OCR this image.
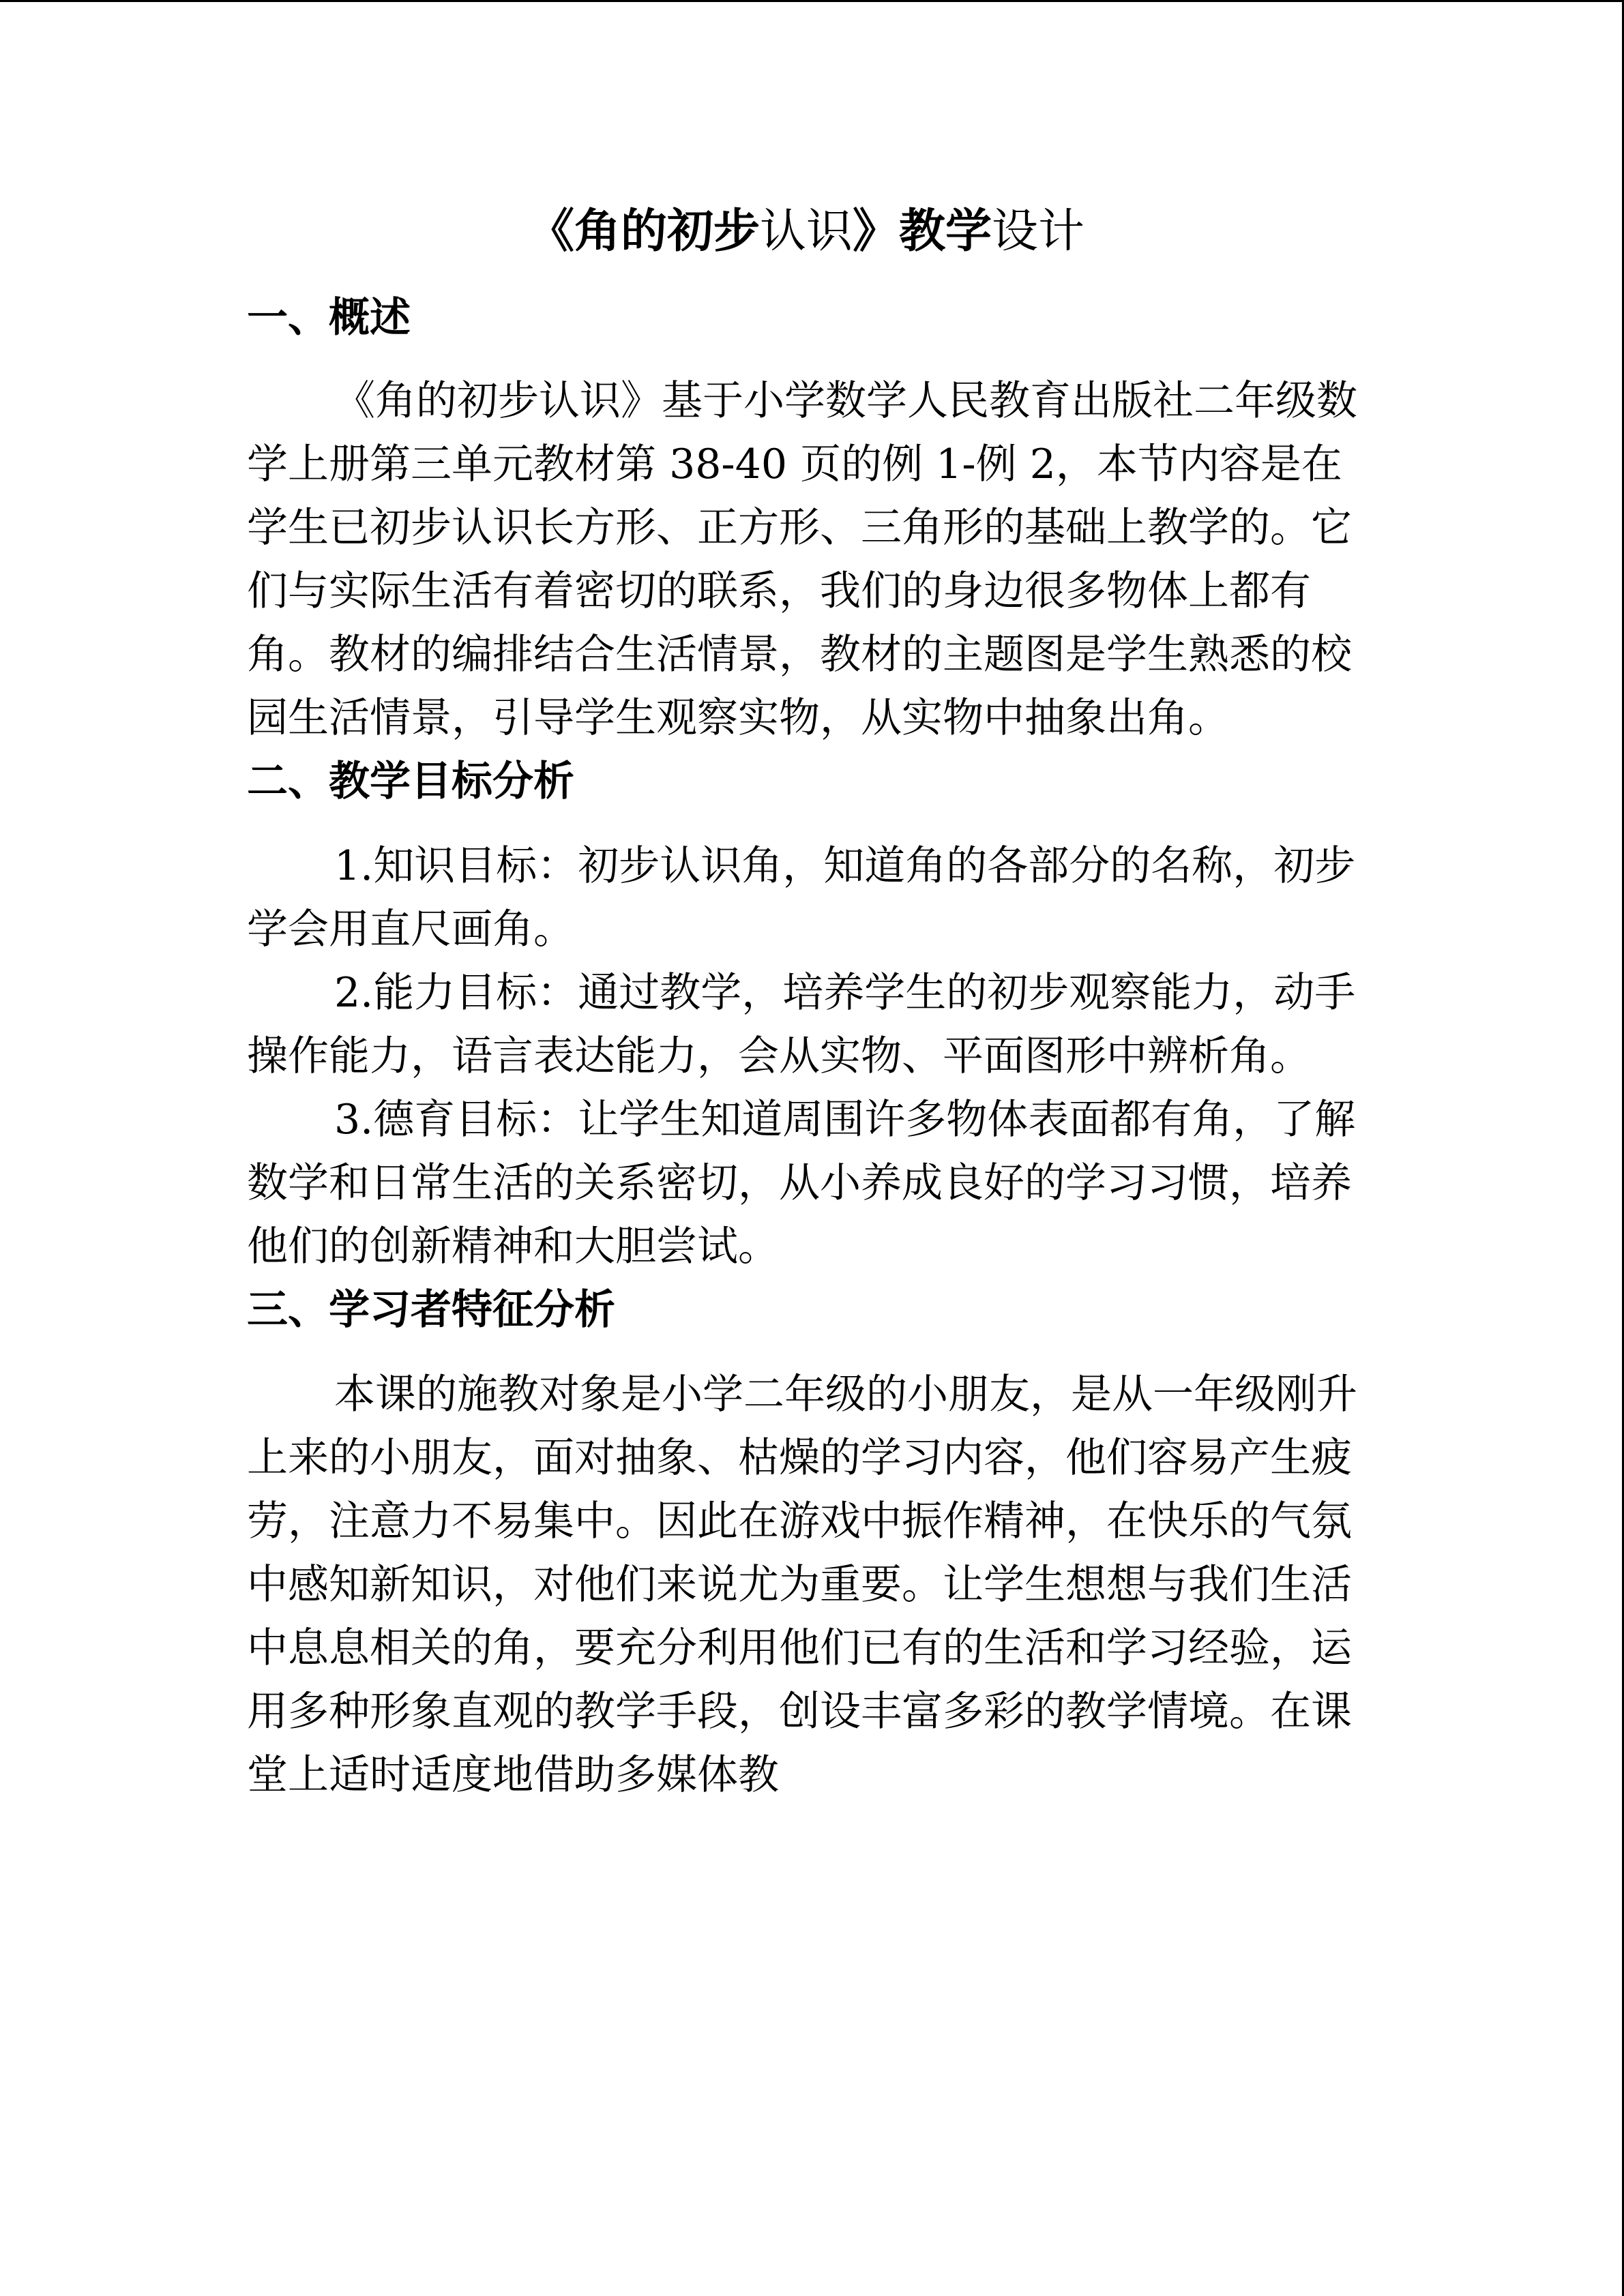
《角的初步认识》教学设计
一、概述

《角的初步认识》基于小学数学人民教育出版社二年级数学上册第三单元教材第 38-40 页的例 1-例 2，本节内容是在学生已初步认识长方形、正方形、三角形的基础上教学的。它们与实际生活有着密切的联系，我们的身边很多物体上都有角。教材的编排结合生活情景，教材的主题图是学生熟悉的校园生活情景，引导学生观察实物，从实物中抽象出角。

二、教学目标分析

1.知识目标：初步认识角，知道角的各部分的名称，初步学会用直尺画角。

2.能力目标：通过教学，培养学生的初步观察能力，动手操作能力，语言表达能力，会从实物、平面图形中辨析角。

3.德育目标：让学生知道周围许多物体表面都有角，了解数学和日常生活的关系密切，从小养成良好的学习习惯，培养他们的创新精神和大胆尝试。

三、学习者特征分析

本课的施教对象是小学二年级的小朋友，是从一年级刚升上来的小朋友，面对抽象、枯燥的学习内容，他们容易产生疲劳，注意力不易集中。因此在游戏中振作精神，在快乐的气氛中感知新知识，对他们来说尤为重要。让学生想想与我们生活中息息相关的角，要充分利用他们已有的生活和学习经验，运用多种形象直观的教学手段，创设丰富多彩的教学情境。在课堂上适时适度地借助多媒体教
